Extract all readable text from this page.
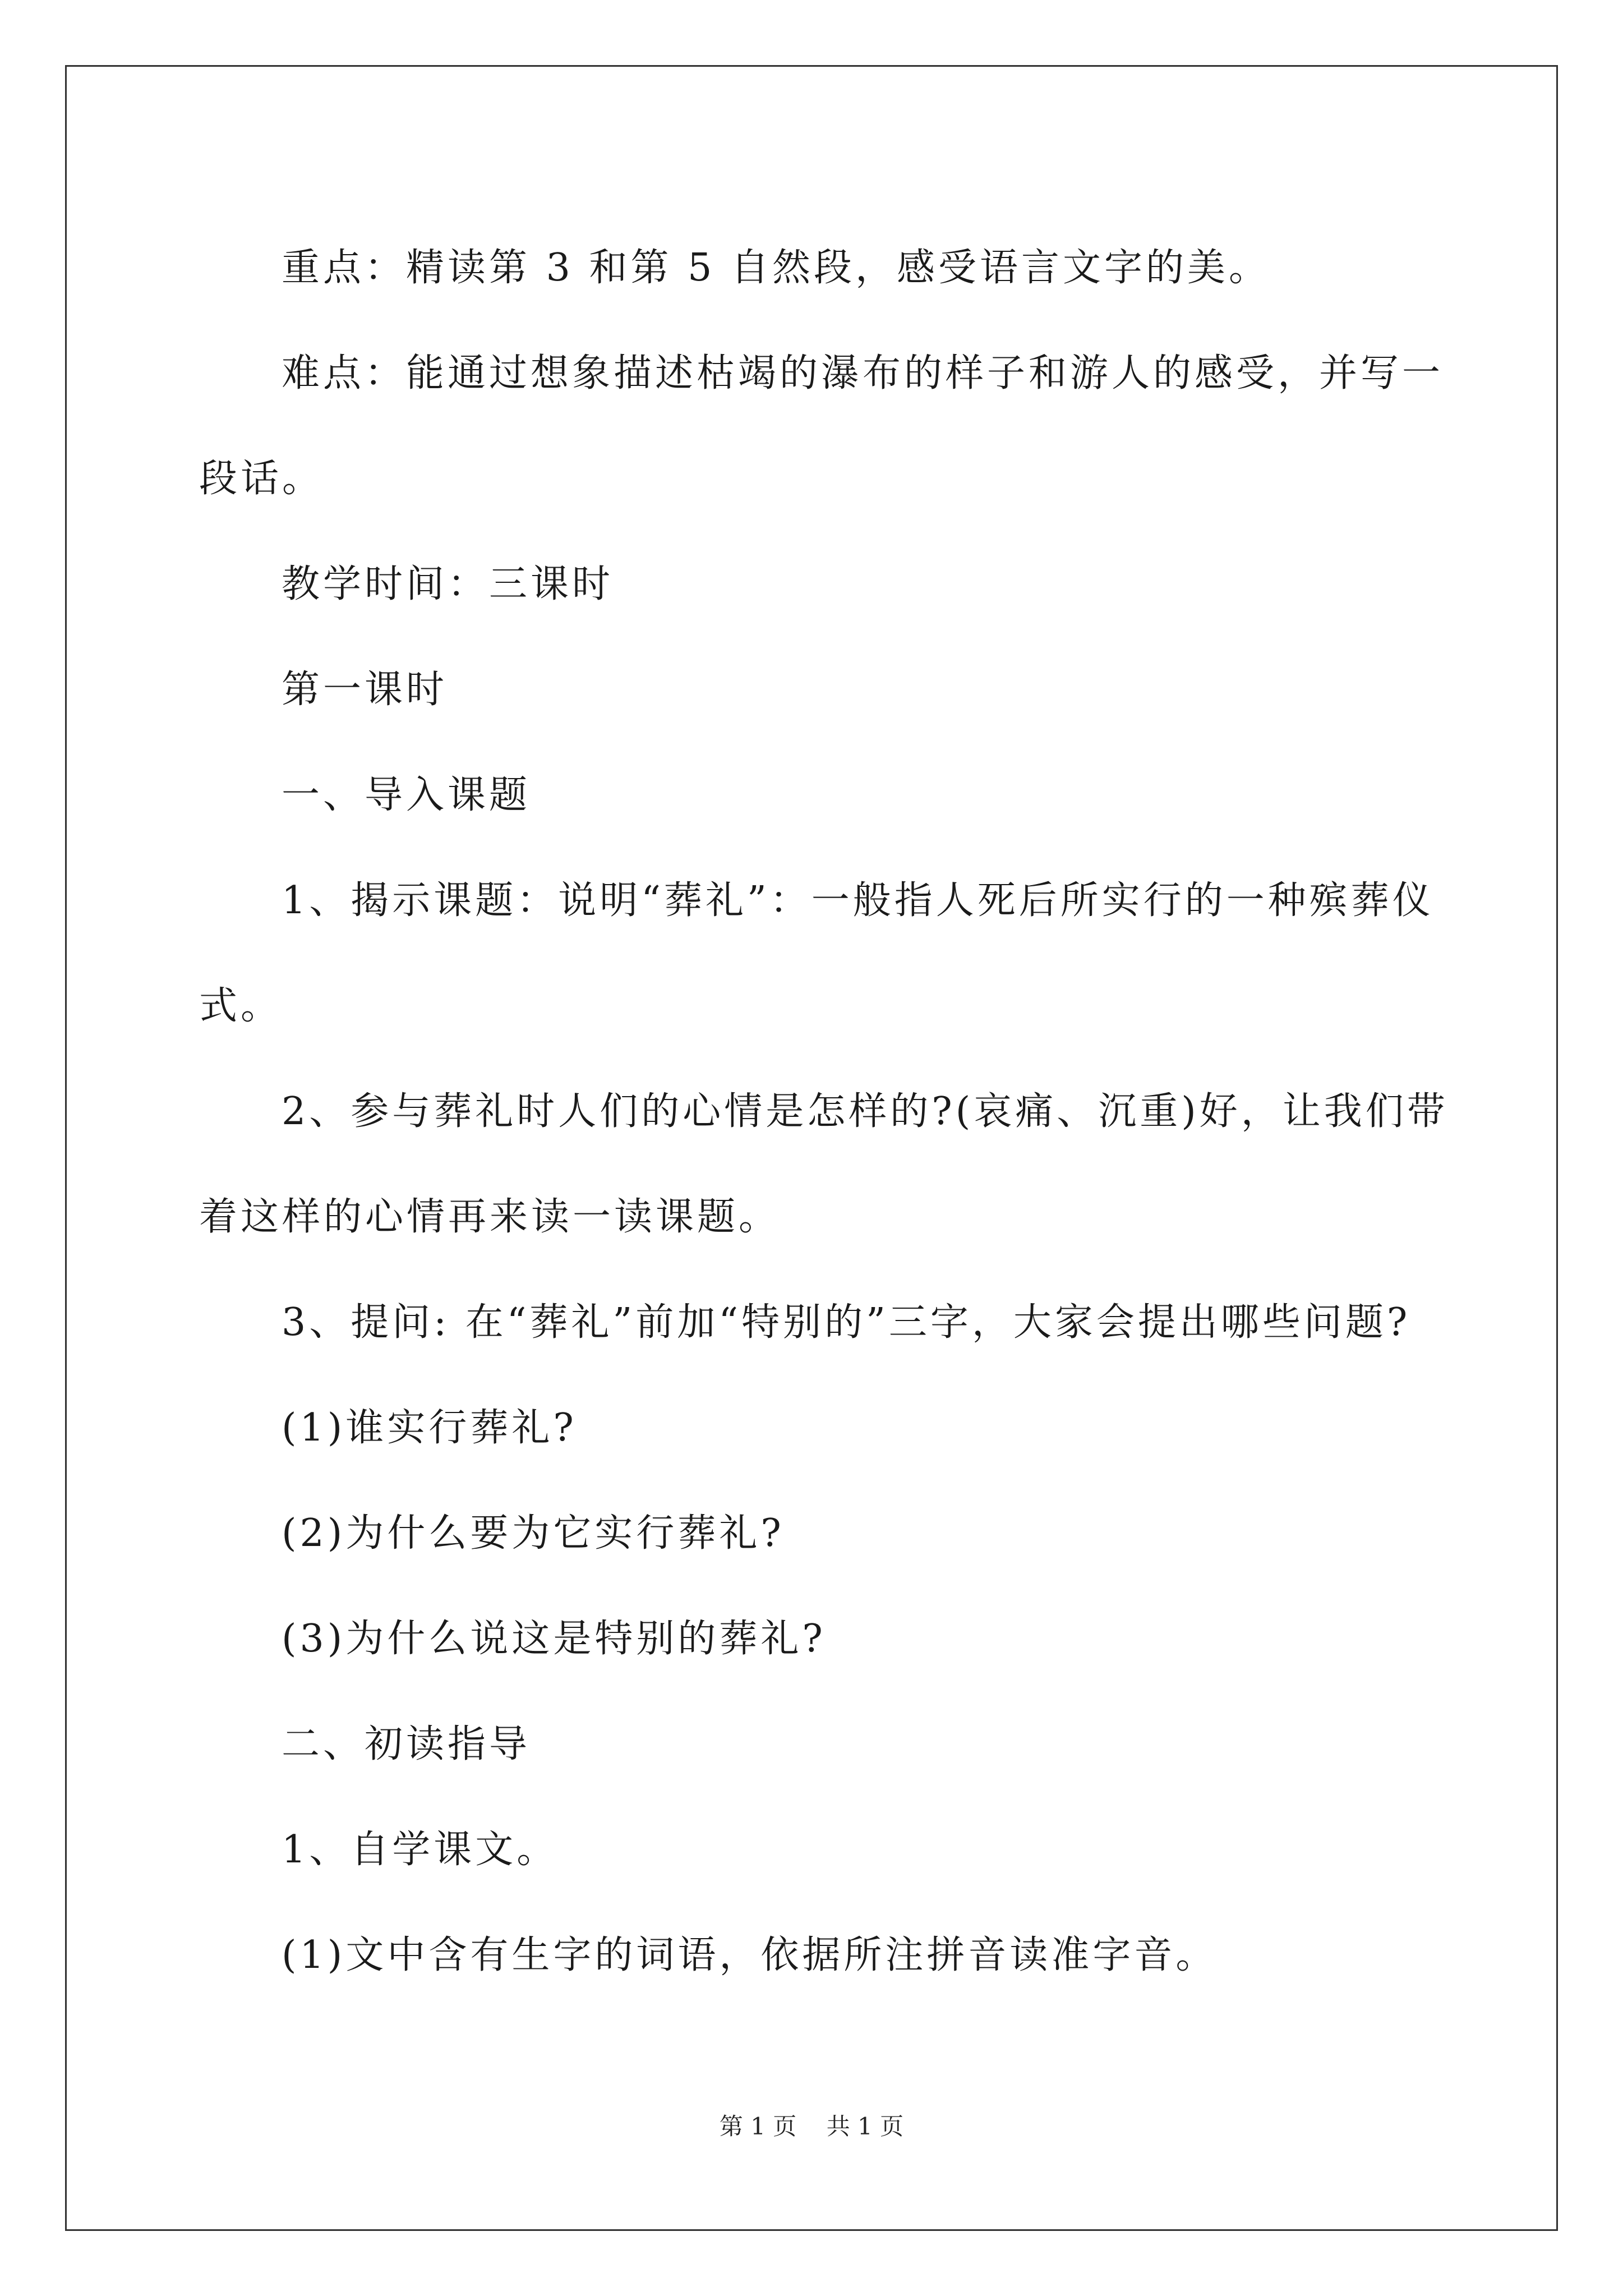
重点：精读第 3 和第 5 自然段，感受语言文字的美。

难点：能通过想象描述枯竭的瀑布的样子和游人的感受，并写一

段话。

教学时间：三课时

第一课时

一、导入课题

1、揭示课题：说明“葬礼”：一般指人死后所实行的一种殡葬仪

式。

2、参与葬礼时人们的心情是怎样的?(哀痛、沉重)好，让我们带

着这样的心情再来读一读课题。

3、提问: 在“葬礼”前加“特别的”三字，大家会提出哪些问题?

(1)谁实行葬礼?

(2)为什么要为它实行葬礼?

(3)为什么说这是特别的葬礼?

二、初读指导

1、自学课文。

(1)文中含有生字的词语，依据所注拼音读准字音。

第 1 页    共 1 页
